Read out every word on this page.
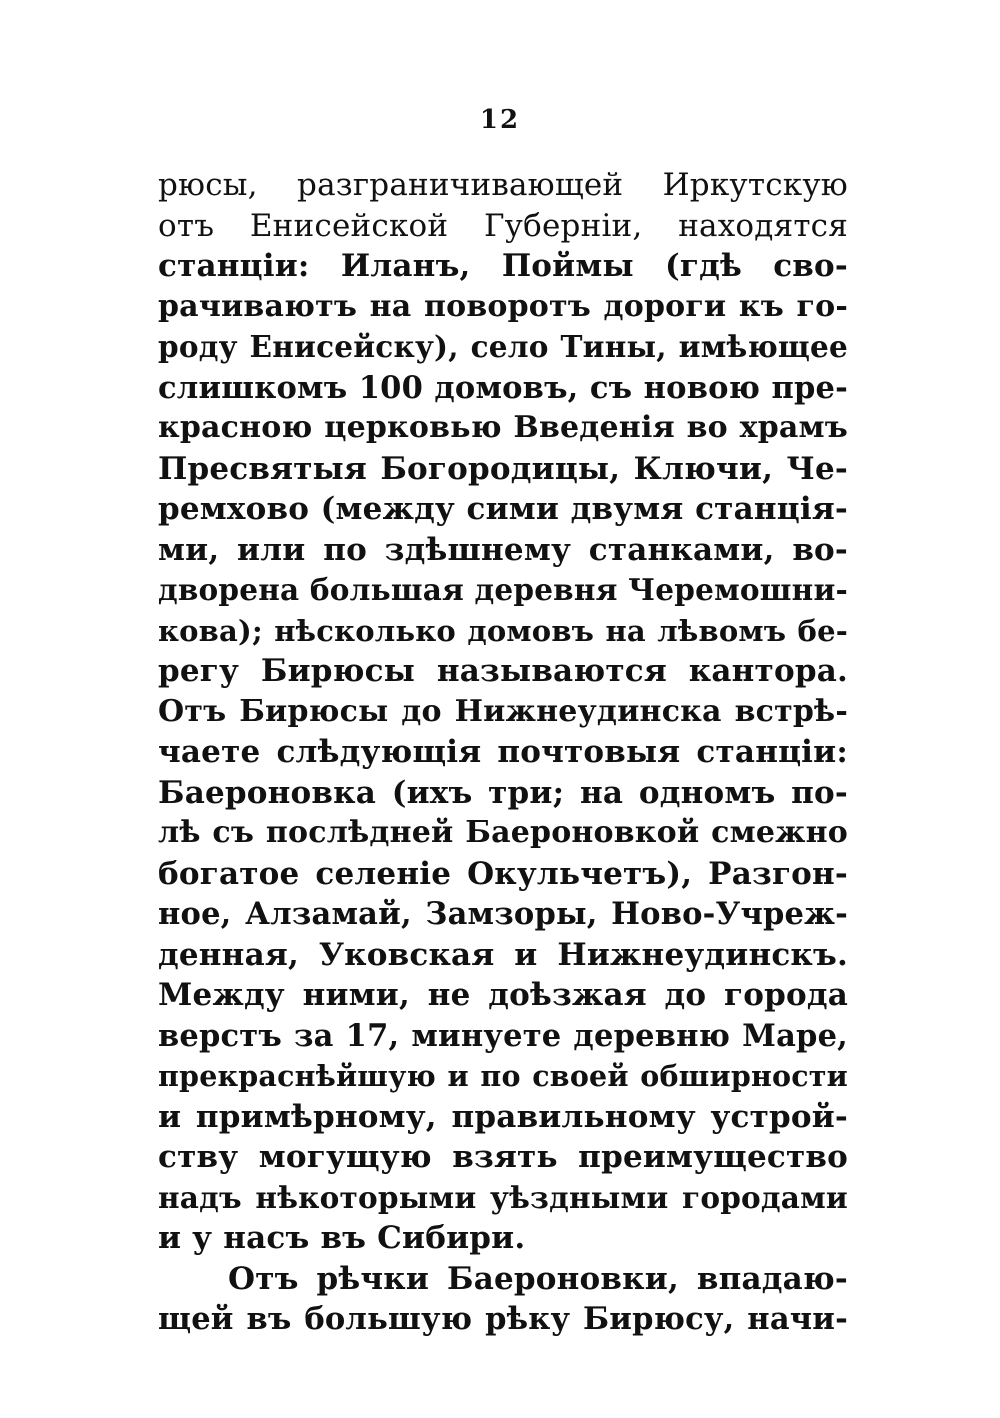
12
рюсы, разграничивающей Иркутскую
отъ Енисейской Губерніи, находятся
станціи: Иланъ, Поймы (гдѣ сво-
рачиваютъ на поворотъ дороги къ го-
роду Енисейску), село Тины, имѣющее
слишкомъ 100 домовъ, съ новою пре-
красною церковью Введенія во храмъ
Пресвятыя Богородицы, Ключи, Че-
ремхово (между сими двумя станція-
ми, или по здѣшнему станками, во-
дворена большая деревня Черемошни-
кова); нѣсколько домовъ на лѣвомъ бе-
регу Бирюсы называются кантора.
Отъ Бирюсы до Нижнеудинска встрѣ-
чаете слѣдующія почтовыя станціи:
Баероновка (ихъ три; на одномъ по-
лѣ съ послѣдней Баероновкой смежно
богатое селеніе Окульчетъ), Разгон-
ное, Алзамай, Замзоры, Ново-Учреж-
денная, Уковская и Нижнеудинскъ.
Между ними, не доѣзжая до города
верстъ за 17, минуете деревню Маре,
прекраснѣйшую и по своей обширности
и примѣрному, правильному устрой-
ству могущую взять преимущество
надъ нѣкоторыми уѣздными городами
и у насъ въ Сибири.
Отъ рѣчки Баероновки, впадаю-
щей въ большую рѣку Бирюсу, начи-
